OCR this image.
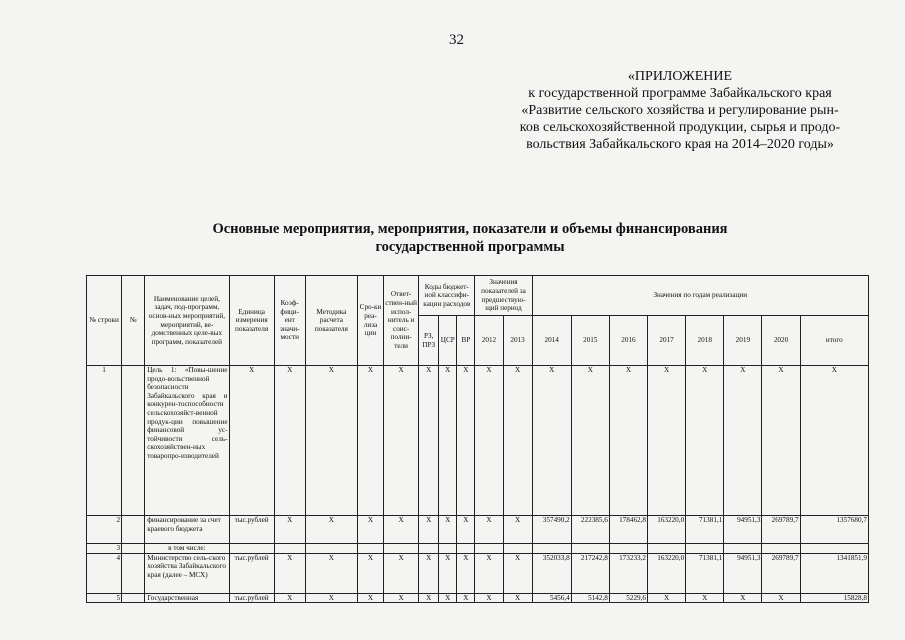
32
«ПРИЛОЖЕНИЕ
к государственной программе Забайкальского края
«Развитие сельского хозяйства и регулирование рын-
ков сельскохозяйственной продукции, сырья и продо-
вольствия Забайкальского края на 2014–2020 годы»
Основные мероприятия, мероприятия, показатели и объемы финансирования
государственной программы
№ строки	№	Наименование целей, задач, под-программ, основ-ных мероприятий, мероприятий, ве-домственных целе-вых программ, показателей	Единица измерения показателя	Коэф-фици-ент значи-мости	Методика расчета показателя	Сро-ки реа-лиза ции	Ответ-ствен-ный испол-нитель и соис-полни-тели	Коды бюджет-ной классифи-кации расходов			Значения показателей за предшествую-щий период		Значения по годам реализации							
								РЗ, ПРЗ	ЦСР	ВР	2012	2013	2014	2015	2016	2017	2018	2019	2020	итого
1		Цель 1: «Повы-шение продо-вольственной безопасности Забайкальского края и конкурен-тоспособности сельскохозяйст-венной продук-ции повышение финансовой ус-тойчивости сель-скохозяйствен-ных товаропро-изводителей	X	X	X	X	X	X	X	X	X	X	X	X	X	X	X	X	X	X
2		финансирование за счет краевого бюджета	тыс.рублей	X	X	X	X	X	X	X	X	X	357490,2	222385,6	178462,8	163220,0	71381,1	94951,3	269789,7	1357680,7
3		в том числе:																		
4		Министерство сель-ского хозяйства Забайкальского края (далее – МСХ)	тыс.рублей	X	X	X	X	X	X	X	X	X	352033,8	217242,8	173233,2	163220,0	71381,1	94951,3	269789,7	1341851,9
5		Государственная	тыс.рублей	X	X	X	X	X	X	X	X	X	5456,4	5142,8	5229,6	X	X	X	X	15828,8
